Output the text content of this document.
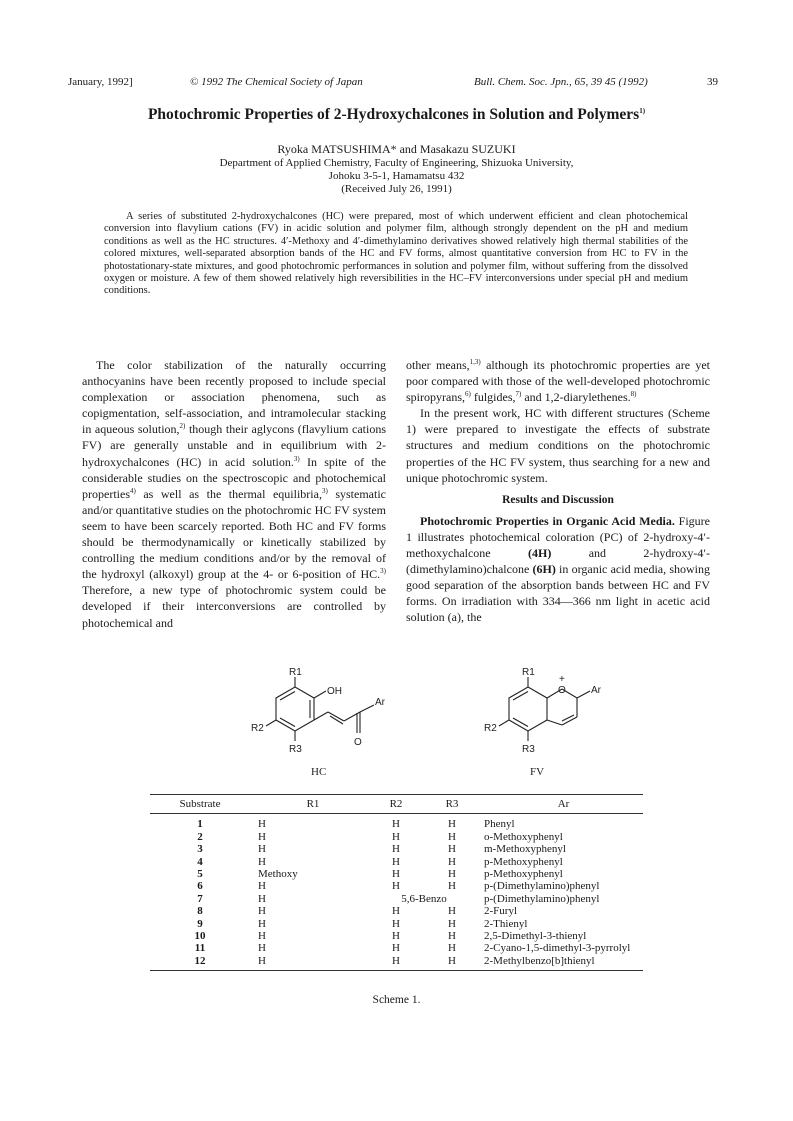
January, 1992]	© 1992 The Chemical Society of Japan	Bull. Chem. Soc. Jpn., 65, 39 45 (1992)	39
Photochromic Properties of 2-Hydroxychalcones in Solution and Polymers$^{1)}$
Ryoka MATSUSHIMA* and Masakazu SUZUKI
Department of Applied Chemistry, Faculty of Engineering, Shizuoka University,
Johoku 3-5-1, Hamamatsu 432
(Received July 26, 1991)

A series of substituted 2-hydroxychalcones (HC) were prepared, most of which underwent efficient and clean photochemical conversion into flavylium cations (FV) in acidic solution and polymer film, although strongly dependent on the pH and medium conditions as well as the HC structures. 4′-Methoxy and 4′-dimethylamino derivatives showed relatively high thermal stabilities of the colored mixtures, well-separated absorption bands of the HC and FV forms, almost quantitative conversion from HC to FV in the photostationary-state mixtures, and good photochromic performances in solution and polymer film, without suffering from the dissolved oxygen or moisture. A few of them showed relatively high reversibilities in the HC–FV interconversions under special pH and medium conditions.

The color stabilization of the naturally occurring anthocyanins have been recently proposed to include special complexation or association phenomena, such as copigmentation, self-association, and intramolecular stacking in aqueous solution,$^{2)}$ though their aglycons (flavylium cations FV) are generally unstable and in equilibrium with 2-hydroxychalcones (HC) in acid solution.$^{3)}$ In spite of the considerable studies on the spectroscopic and photochemical properties$^{4)}$ as well as the thermal equilibria,$^{3)}$ systematic and/or quantitative studies on the photochromic HC FV system seem to have been scarcely reported. Both HC and FV forms should be thermodynamically or kinetically stabilized by controlling the medium conditions and/or by the removal of the hydroxyl (alkoxyl) group at the 4- or 6-position of HC.$^{3)}$ Therefore, a new type of photochromic system could be developed if their interconversions are controlled by photochemical and

other means,$^{1,3)}$ although its photochromic properties are yet poor compared with those of the well-developed photochromic spiropyrans,$^{6)}$ fulgides,$^{7)}$ and 1,2-diarylethenes.$^{8)}$

In the present work, HC with different structures (Scheme 1) were prepared to investigate the effects of substrate structures and medium conditions on the photochromic properties of the HC FV system, thus searching for a new and unique photochromic system.

Results and Discussion

Photochromic Properties in Organic Acid Media. Figure 1 illustrates photochemical coloration (PC) of 2-hydroxy-4′-methoxychalcone (4H) and 2-hydroxy-4′-(dimethylamino)chalcone (6H) in organic acid media, showing good separation of the absorption bands between HC and FV forms. On irradiation with 334—366 nm light in acetic acid solution (a), the

R1
OH
R2
R3
O
Ar
HC
R1
O
+
Ar
R2
R3
FV
Substrate	R1	R2	R3	Ar
1	H	H	H	Phenyl
2	H	H	H	o-Methoxyphenyl
3	H	H	H	m-Methoxyphenyl
4	H	H	H	p-Methoxyphenyl
5	Methoxy	H	H	p-Methoxyphenyl
6	H	H	H	p-(Dimethylamino)phenyl
7	H	5,6-Benzo		p-(Dimethylamino)phenyl
8	H	H	H	2-Furyl
9	H	H	H	2-Thienyl
10	H	H	H	2,5-Dimethyl-3-thienyl
11	H	H	H	2-Cyano-1,5-dimethyl-3-pyrrolyl
12	H	H	H	2-Methylbenzo[b]thienyl
Scheme 1.
